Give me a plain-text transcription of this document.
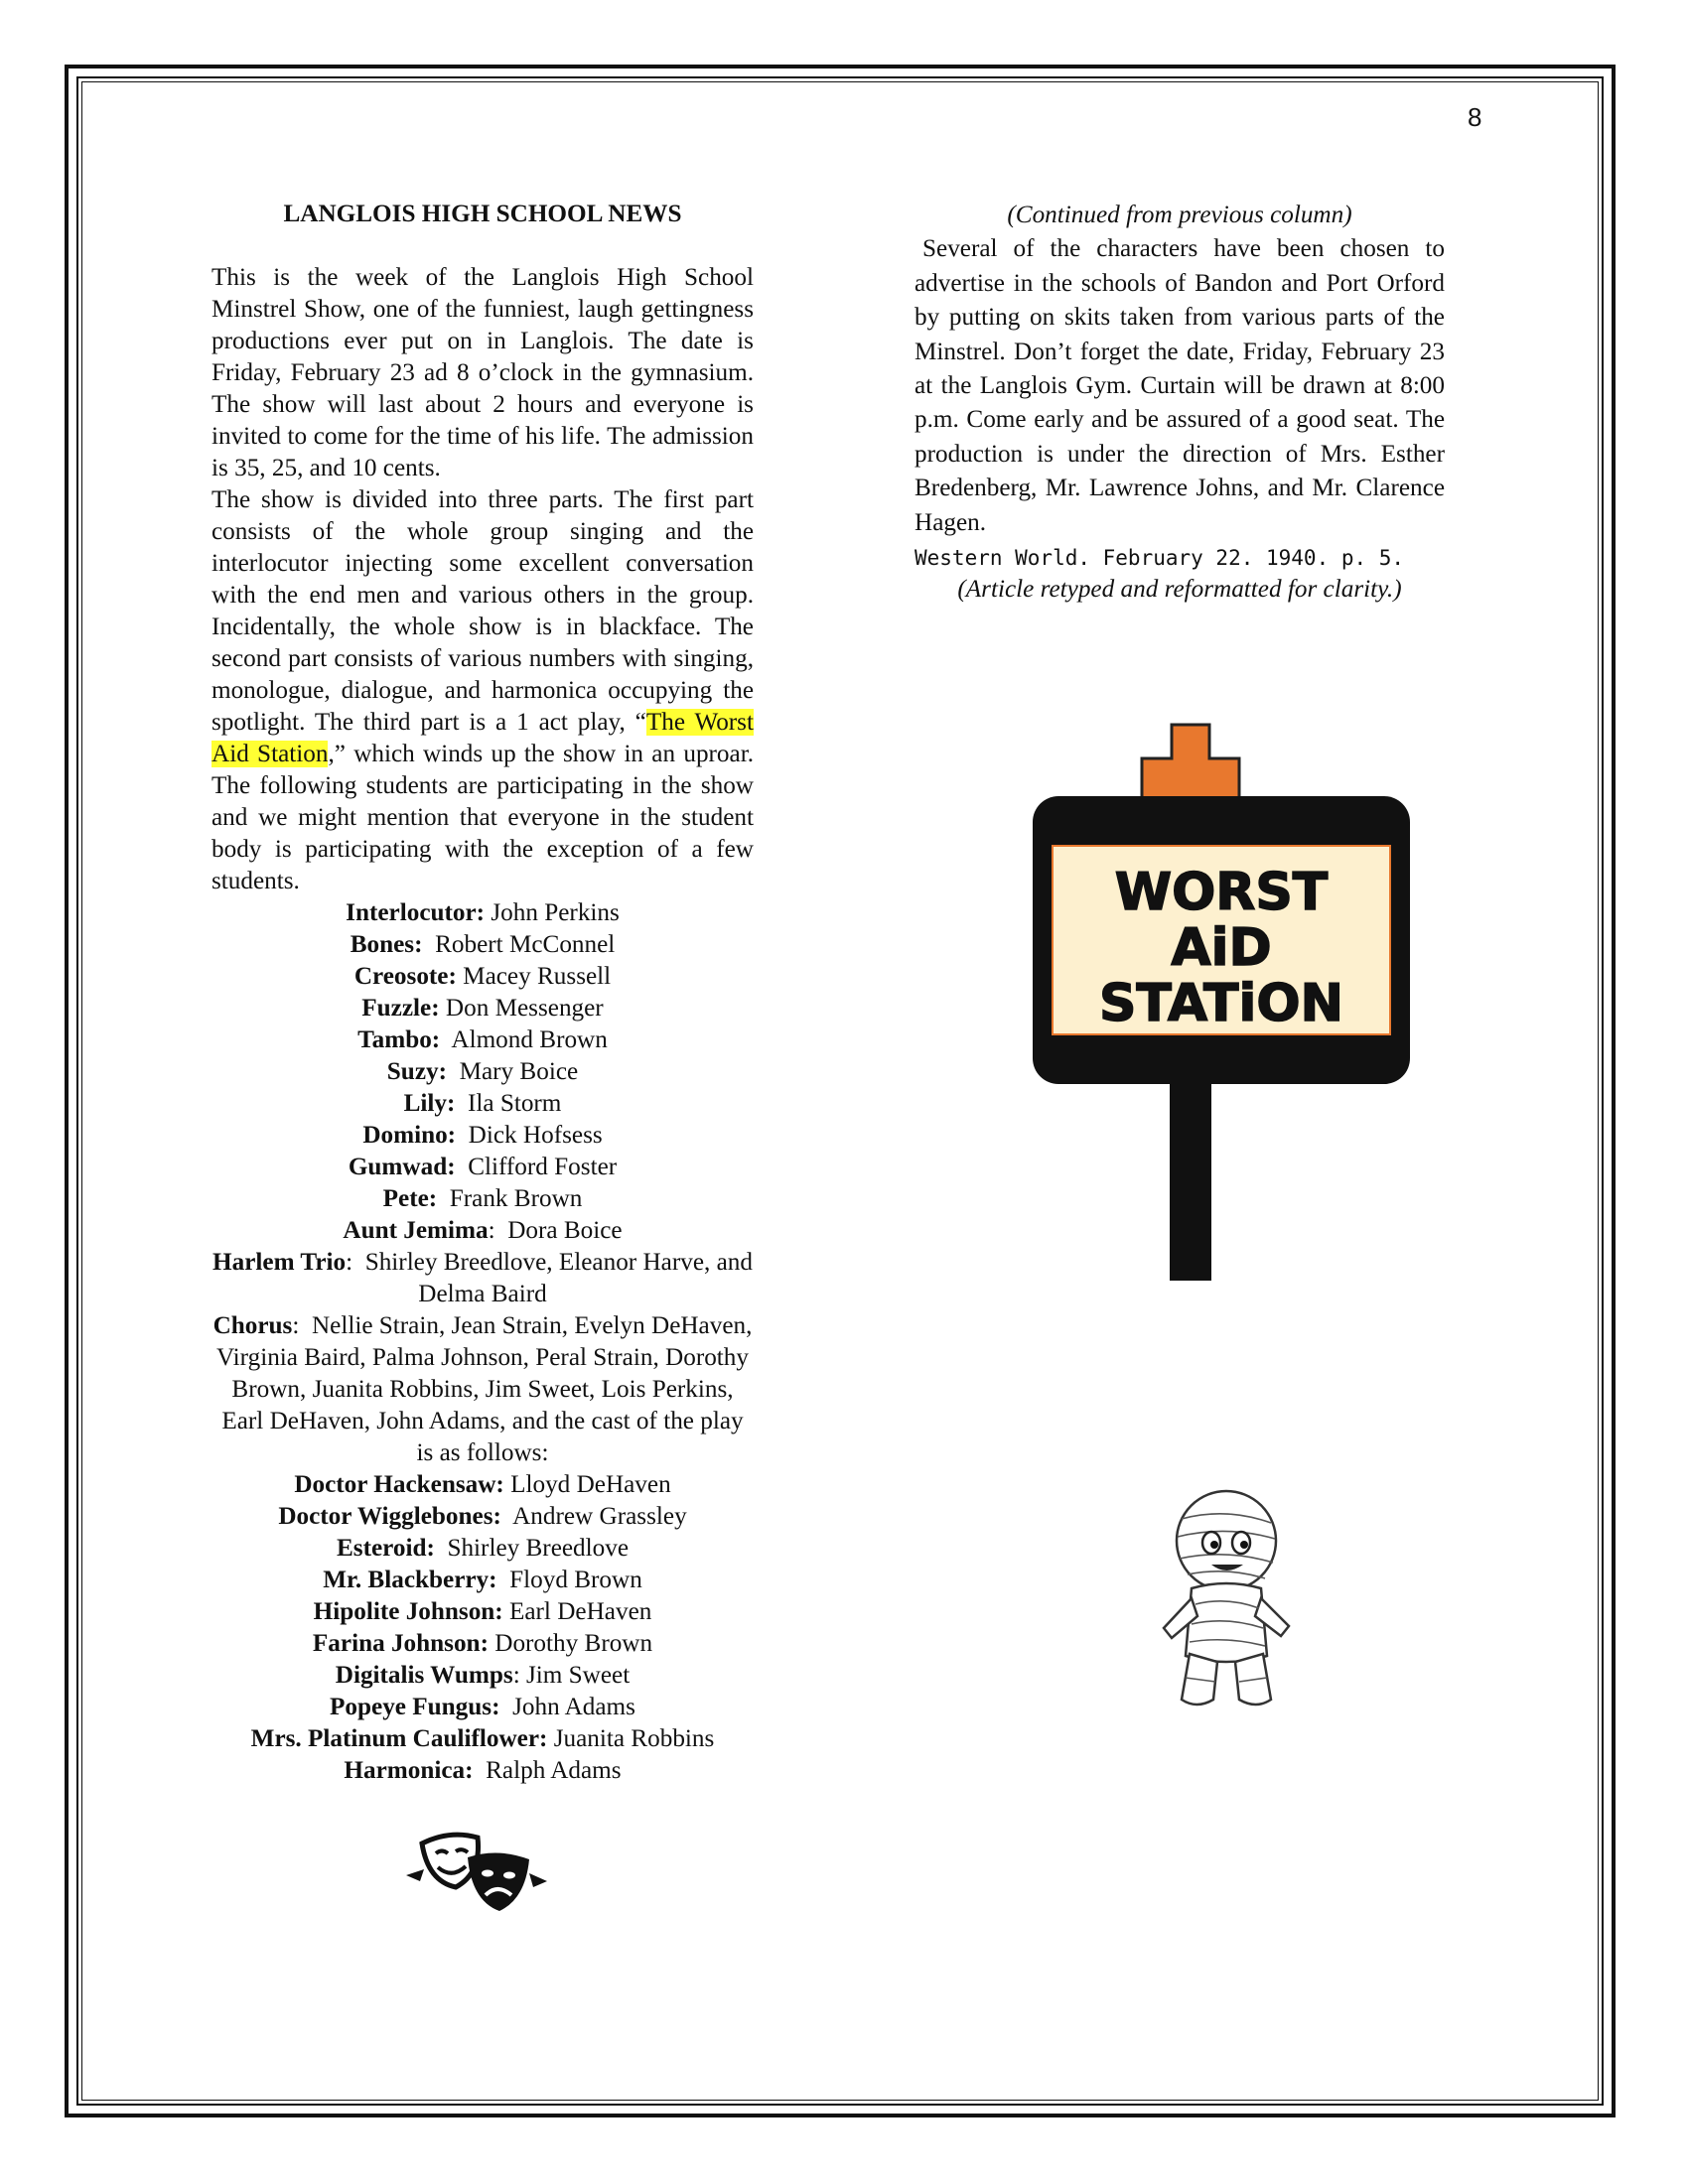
8

LANGLOIS HIGH SCHOOL NEWS

This is the week of the Langlois High School Minstrel Show, one of the funniest, laugh gettingness productions ever put on in Langlois. The date is Friday, February 23 ad 8 o’clock in the gymnasium. The show will last about 2 hours and everyone is invited to come for the time of his life. The admission is 35, 25, and 10 cents.

The show is divided into three parts. The first part consists of the whole group singing and the interlocutor injecting some excellent conversation with the end men and various others in the group. Incidentally, the whole show is in blackface. The second part consists of various numbers with singing, monologue, dialogue, and harmonica occupying the spotlight. The third part is a 1 act play, “The Worst Aid Station,” which winds up the show in an uproar. The following students are participating in the show and we might mention that everyone in the student body is participating with the exception of a few students.

Interlocutor: John Perkins

Bones:  Robert McConnel

Creosote: Macey Russell

Fuzzle: Don Messenger

Tambo:  Almond Brown

Suzy:  Mary Boice

Lily:  Ila Storm

Domino:  Dick Hofsess

Gumwad:  Clifford Foster

Pete:  Frank Brown

Aunt Jemima:  Dora Boice

Harlem Trio:  Shirley Breedlove, Eleanor Harve, and Delma Baird

Chorus:  Nellie Strain, Jean Strain, Evelyn DeHaven, Virginia Baird, Palma Johnson, Peral Strain, Dorothy Brown, Juanita Robbins, Jim Sweet, Lois Perkins, Earl DeHaven, John Adams, and the cast of the play is as follows:

Doctor Hackensaw: Lloyd DeHaven

Doctor Wigglebones:  Andrew Grassley

Esteroid:  Shirley Breedlove

Mr. Blackberry:  Floyd Brown

Hipolite Johnson: Earl DeHaven

Farina Johnson: Dorothy Brown

Digitalis Wumps: Jim Sweet

Popeye Fungus:  John Adams

Mrs. Platinum Cauliflower: Juanita Robbins

Harmonica:  Ralph Adams

(Continued from previous column)

Several of the characters have been chosen to advertise in the schools of Bandon and Port Orford by putting on skits taken from various parts of the Minstrel. Don’t forget the date, Friday, February 23 at the Langlois Gym. Curtain will be drawn at 8:00 p.m. Come early and be assured of a good seat. The production is under the direction of Mrs. Esther Bredenberg, Mr. Lawrence Johns, and Mr. Clarence Hagen.

Western World. February 22. 1940. p. 5.

(Article retyped and reformatted for clarity.)

WORST
AiD
STATiON
